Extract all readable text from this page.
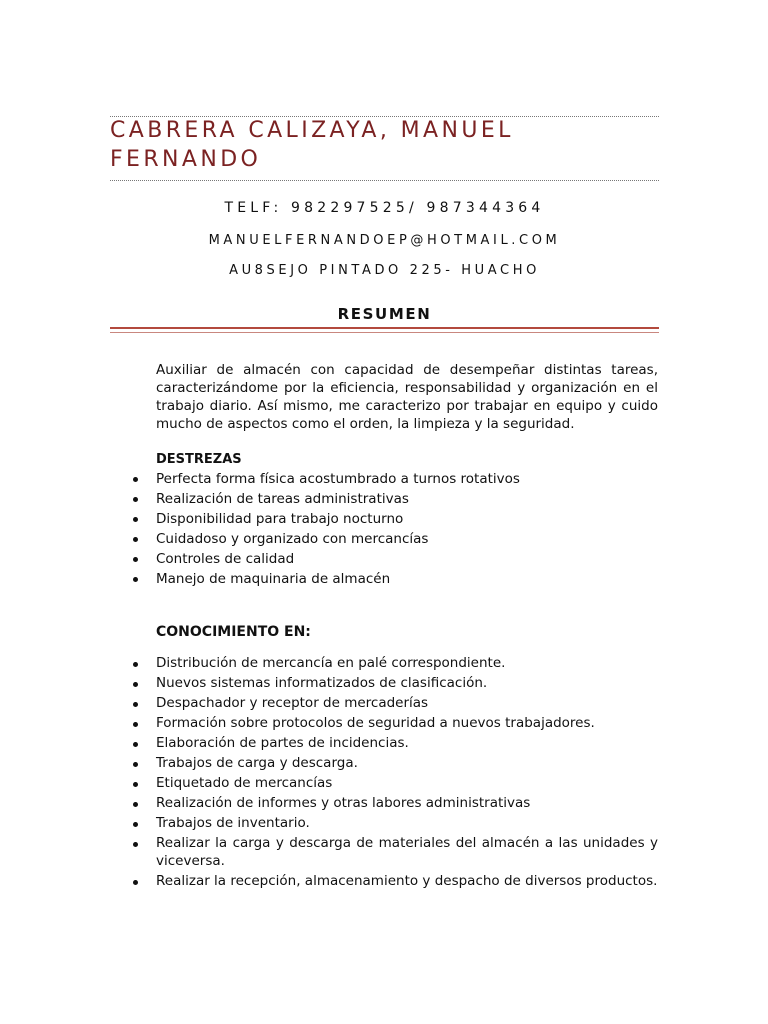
CABRERA CALIZAYA, MANUEL
FERNANDO
TELF: 982297525/ 987344364
MANUELFERNANDOEP@HOTMAIL.COM
AU8SEJO PINTADO 225- HUACHO
RESUMEN

Auxiliar de almacén con capacidad de desempeñar distintas tareas, caracterizándome por la eficiencia, responsabilidad y organización en el trabajo diario. Así mismo, me caracterizo por trabajar en equipo y cuido mucho de aspectos como el orden, la limpieza y la seguridad.

DESTREZAS
Perfecta forma física acostumbrado a turnos rotativos
Realización de tareas administrativas
Disponibilidad para trabajo nocturno
Cuidadoso y organizado con mercancías
Controles de calidad
Manejo de maquinaria de almacén
CONOCIMIENTO EN:
Distribución de mercancía en palé correspondiente.
Nuevos sistemas informatizados de clasificación.
Despachador y receptor de mercaderías
Formación sobre protocolos de seguridad a nuevos trabajadores.
Elaboración de partes de incidencias.
Trabajos de carga y descarga.
Etiquetado de mercancías
Realización de informes y otras labores administrativas
Trabajos de inventario.
Realizar la carga y descarga de materiales del almacén a las unidades y viceversa.
Realizar la recepción, almacenamiento y despacho de diversos productos.
